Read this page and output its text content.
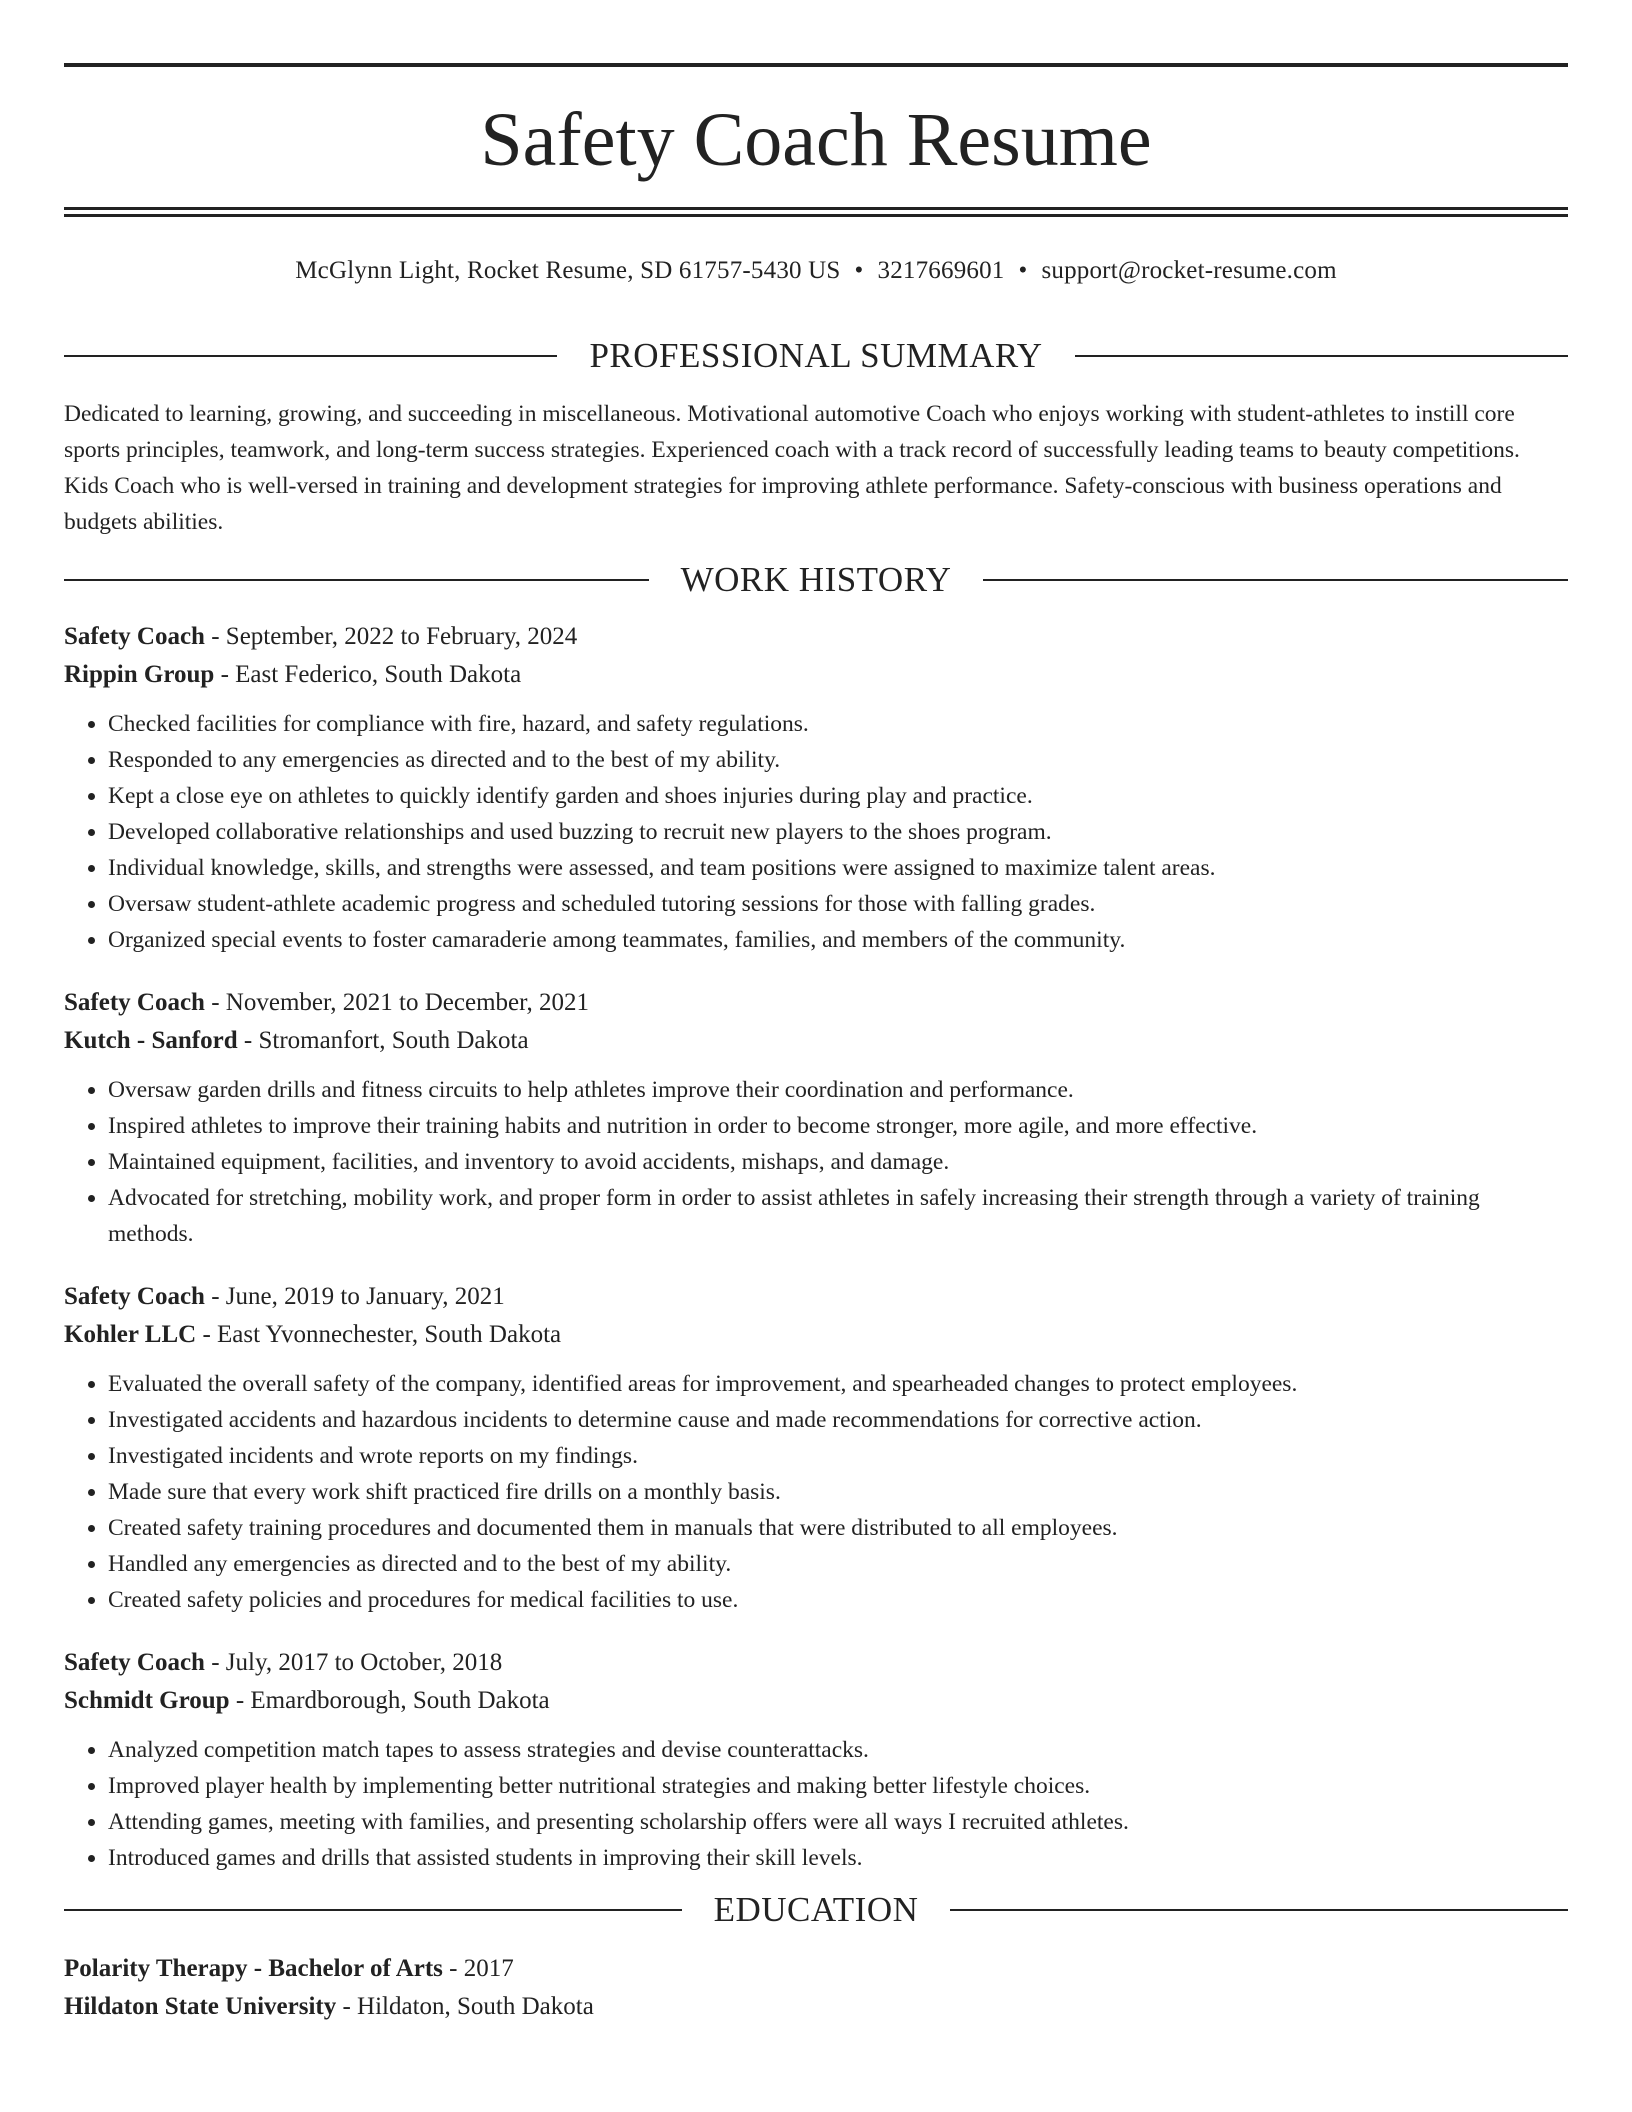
Safety Coach Resume
McGlynn Light, Rocket Resume, SD 61757-5430 US • 3217669601 • support@rocket-resume.com
PROFESSIONAL SUMMARY

Dedicated to learning, growing, and succeeding in miscellaneous. Motivational automotive Coach who enjoys working with student-athletes to instill core sports principles, teamwork, and long-term success strategies. Experienced coach with a track record of successfully leading teams to beauty competitions. Kids Coach who is well-versed in training and development strategies for improving athlete performance. Safety-conscious with business operations and budgets abilities.

WORK HISTORY
Safety Coach - September, 2022 to February, 2024
Rippin Group - East Federico, South Dakota
• Checked facilities for compliance with fire, hazard, and safety regulations.
• Responded to any emergencies as directed and to the best of my ability.
• Kept a close eye on athletes to quickly identify garden and shoes injuries during play and practice.
• Developed collaborative relationships and used buzzing to recruit new players to the shoes program.
• Individual knowledge, skills, and strengths were assessed, and team positions were assigned to maximize talent areas.
• Oversaw student-athlete academic progress and scheduled tutoring sessions for those with falling grades.
• Organized special events to foster camaraderie among teammates, families, and members of the community.
Safety Coach - November, 2021 to December, 2021
Kutch - Sanford - Stromanfort, South Dakota
• Oversaw garden drills and fitness circuits to help athletes improve their coordination and performance.
• Inspired athletes to improve their training habits and nutrition in order to become stronger, more agile, and more effective.
• Maintained equipment, facilities, and inventory to avoid accidents, mishaps, and damage.
• Advocated for stretching, mobility work, and proper form in order to assist athletes in safely increasing their strength through a variety of training methods.
Safety Coach - June, 2019 to January, 2021
Kohler LLC - East Yvonnechester, South Dakota
• Evaluated the overall safety of the company, identified areas for improvement, and spearheaded changes to protect employees.
• Investigated accidents and hazardous incidents to determine cause and made recommendations for corrective action.
• Investigated incidents and wrote reports on my findings.
• Made sure that every work shift practiced fire drills on a monthly basis.
• Created safety training procedures and documented them in manuals that were distributed to all employees.
• Handled any emergencies as directed and to the best of my ability.
• Created safety policies and procedures for medical facilities to use.
Safety Coach - July, 2017 to October, 2018
Schmidt Group - Emardborough, South Dakota
• Analyzed competition match tapes to assess strategies and devise counterattacks.
• Improved player health by implementing better nutritional strategies and making better lifestyle choices.
• Attending games, meeting with families, and presenting scholarship offers were all ways I recruited athletes.
• Introduced games and drills that assisted students in improving their skill levels.
EDUCATION
Polarity Therapy - Bachelor of Arts - 2017
Hildaton State University - Hildaton, South Dakota
